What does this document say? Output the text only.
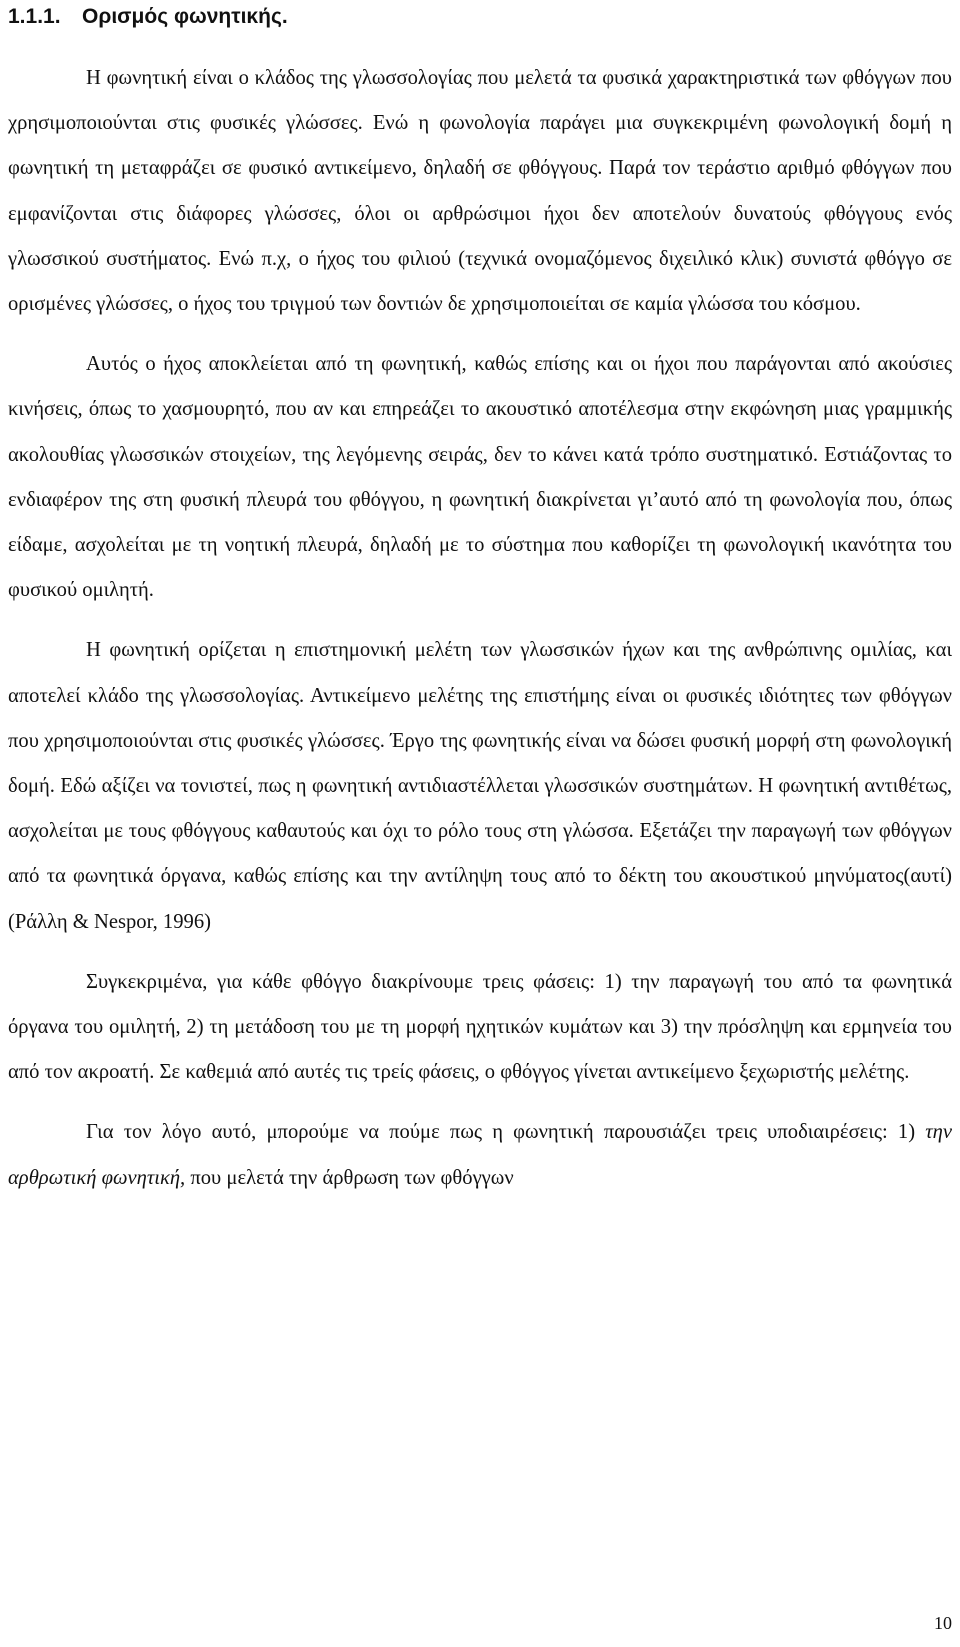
1.1.1. Ορισμός φωνητικής.

Η φωνητική είναι ο κλάδος της γλωσσολογίας που μελετά τα φυσικά χαρακτηριστικά των φθόγγων που χρησιμοποιούνται στις φυσικές γλώσσες. Ενώ η φωνολογία παράγει μια συγκεκριμένη φωνολογική δομή η φωνητική τη μεταφράζει σε φυσικό αντικείμενο, δηλαδή σε φθόγγους. Παρά τον τεράστιο αριθμό φθόγγων που εμφανίζονται στις διάφορες γλώσσες, όλοι οι αρθρώσιμοι ήχοι δεν αποτελούν δυνατούς φθόγγους ενός γλωσσικού συστήματος. Ενώ π.χ, ο ήχος του φιλιού (τεχνικά ονομαζόμενος διχειλικό κλικ) συνιστά φθόγγο σε ορισμένες γλώσσες, ο ήχος του τριγμού των δοντιών δε χρησιμοποιείται σε καμία γλώσσα του κόσμου.

Αυτός ο ήχος αποκλείεται από τη φωνητική, καθώς επίσης και οι ήχοι που παράγονται από ακούσιες κινήσεις, όπως το χασμουρητό, που αν και επηρεάζει το ακουστικό αποτέλεσμα στην εκφώνηση μιας γραμμικής ακολουθίας γλωσσικών στοιχείων, της λεγόμενης σειράς, δεν το κάνει κατά τρόπο συστηματικό. Εστιάζοντας το ενδιαφέρον της στη φυσική πλευρά του φθόγγου, η φωνητική διακρίνεται γι’αυτό από τη φωνολογία που, όπως είδαμε, ασχολείται με τη νοητική πλευρά, δηλαδή με το σύστημα που καθορίζει τη φωνολογική ικανότητα του φυσικού ομιλητή.

Η φωνητική ορίζεται η επιστημονική μελέτη των γλωσσικών ήχων και της ανθρώπινης ομιλίας, και αποτελεί κλάδο της γλωσσολογίας. Αντικείμενο μελέτης της επιστήμης είναι οι φυσικές ιδιότητες των φθόγγων που χρησιμοποιούνται στις φυσικές γλώσσες. Έργο της φωνητικής είναι να δώσει φυσική μορφή στη φωνολογική δομή. Εδώ αξίζει να τονιστεί, πως η φωνητική αντιδιαστέλλεται γλωσσικών συστημάτων. Η φωνητική αντιθέτως, ασχολείται με τους φθόγγους καθαυτούς και όχι το ρόλο τους στη γλώσσα. Εξετάζει την παραγωγή των φθόγγων από τα φωνητικά όργανα, καθώς επίσης και την αντίληψη τους από το δέκτη του ακουστικού μηνύματος(αυτί) (Ράλλη & Nespor, 1996)

Συγκεκριμένα, για κάθε φθόγγο διακρίνουμε τρεις φάσεις: 1) την παραγωγή του από τα φωνητικά όργανα του ομιλητή, 2) τη μετάδοση του με τη μορφή ηχητικών κυμάτων και 3) την πρόσληψη και ερμηνεία του από τον ακροατή. Σε καθεμιά από αυτές τις τρείς φάσεις, ο φθόγγος γίνεται αντικείμενο ξεχωριστής μελέτης.

Για τον λόγο αυτό, μπορούμε να πούμε πως η φωνητική παρουσιάζει τρεις υποδιαιρέσεις: 1) την αρθρωτική φωνητική, που μελετά την άρθρωση των φθόγγων

10
